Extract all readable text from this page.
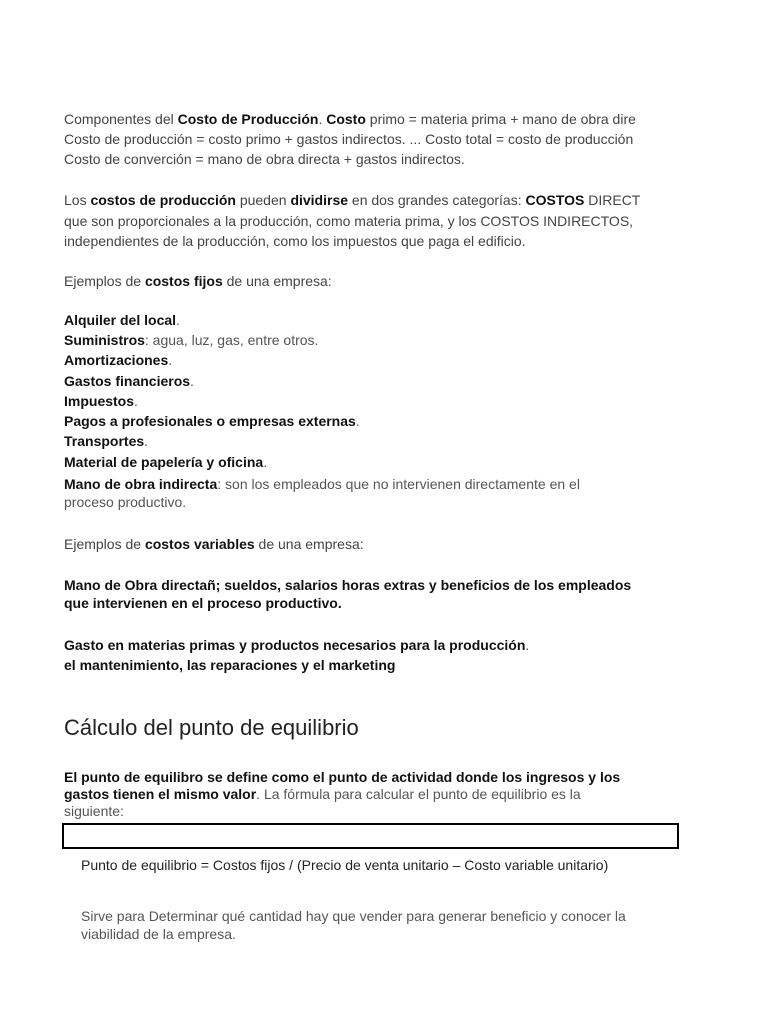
Componentes del Costo de Producción. Costo primo = materia prima + mano de obra dire
Costo de producción = costo primo + gastos indirectos. ... Costo total = costo de producción
Costo de converción = mano de obra directa + gastos indirectos.
Los costos de producción pueden dividirse en dos grandes categorías: COSTOS DIRECT
que son proporcionales a la producción, como materia prima, y los COSTOS INDIRECTOS,
independientes de la producción, como los impuestos que paga el edificio.
Ejemplos de costos fijos de una empresa:
Alquiler del local.
Suministros: agua, luz, gas, entre otros.
Amortizaciones.
Gastos financieros.
Impuestos.
Pagos a profesionales o empresas externas.
Transportes.
Material de papelería y oficina.
Mano de obra indirecta: son los empleados que no intervienen directamente en el
proceso productivo.
Ejemplos de costos variables de una empresa:
Mano de Obra directañ; sueldos, salarios horas extras y beneficios de los empleados
que intervienen en el proceso productivo.
Gasto en materias primas y productos necesarios para la producción.
el mantenimiento, las reparaciones y el marketing
Cálculo del punto de equilibrio
El punto de equilibro se define como el punto de actividad donde los ingresos y los
gastos tienen el mismo valor. La fórmula para calcular el punto de equilibrio es la
siguiente:
Punto de equilibrio = Costos fijos / (Precio de venta unitario – Costo variable unitario)
Sirve para Determinar qué cantidad hay que vender para generar beneficio y conocer la
viabilidad de la empresa.
